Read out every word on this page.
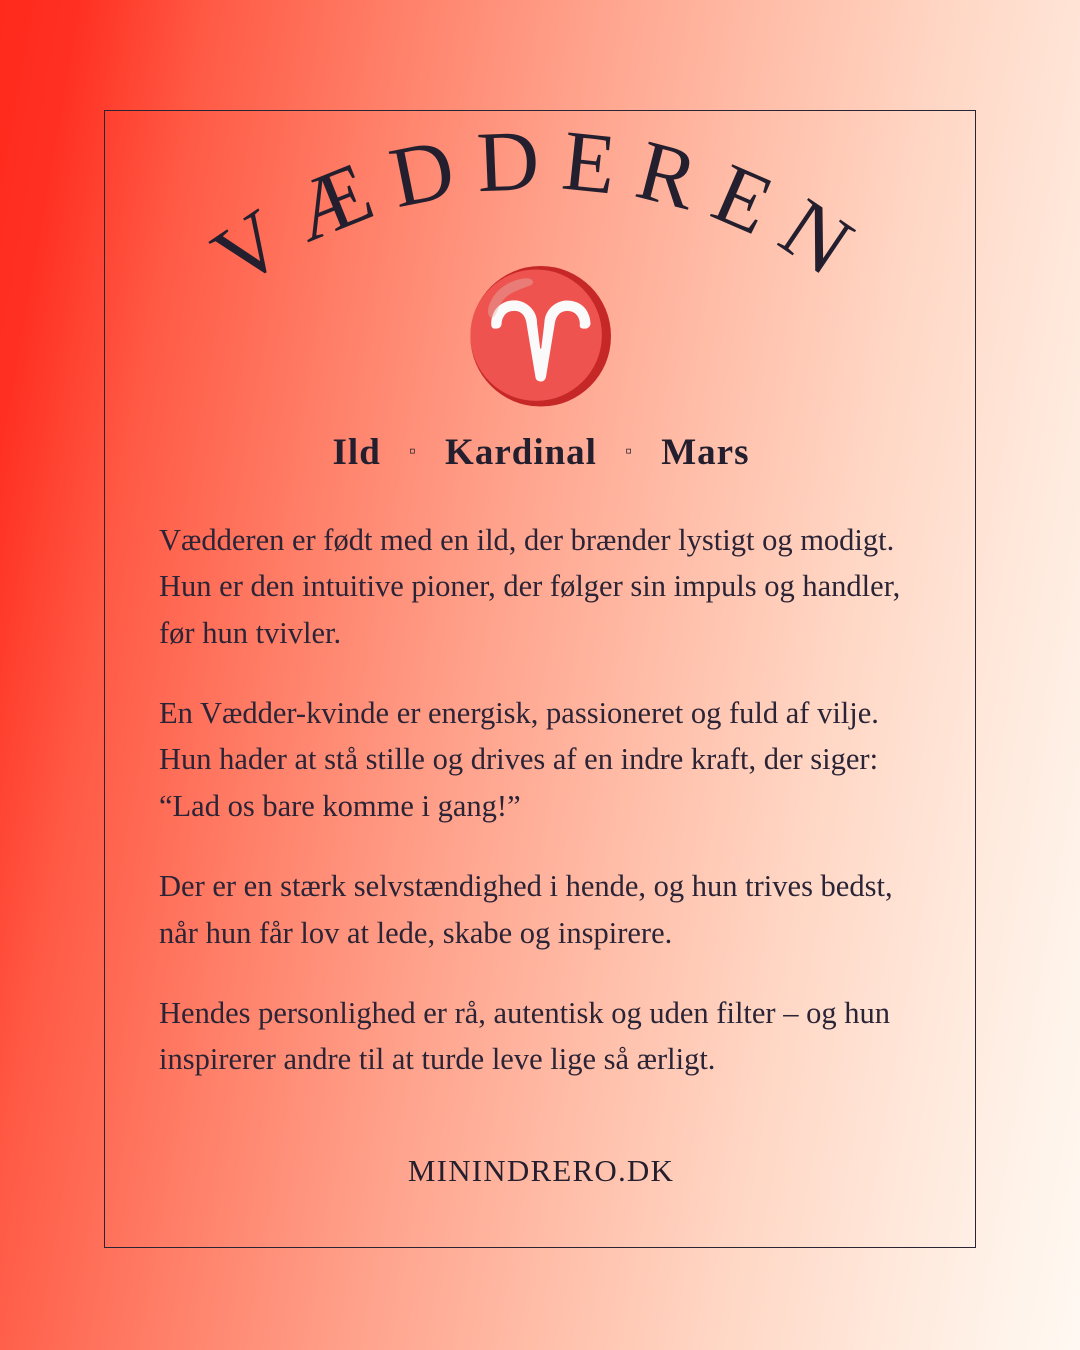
VÆDDEREN
♈
Ild ▫ Kardinal ▫ Mars

Vædderen er født med en ild, der brænder lystigt og modigt. Hun er den intuitive pioner, der følger sin impuls og handler, før hun tvivler.

En Vædder-kvinde er energisk, passioneret og fuld af vilje. Hun hader at stå stille og drives af en indre kraft, der siger: “Lad os bare komme i gang!”

Der er en stærk selvstændighed i hende, og hun trives bedst, når hun får lov at lede, skabe og inspirere.

Hendes personlighed er rå, autentisk og uden filter – og hun inspirerer andre til at turde leve lige så ærligt.

MININDRERO.DK
